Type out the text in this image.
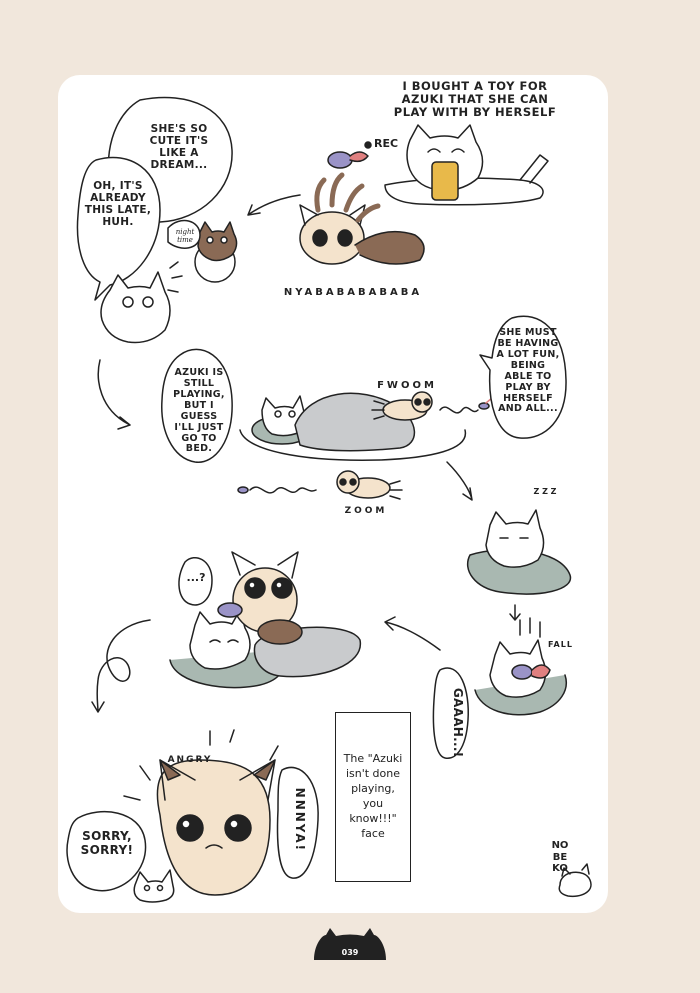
I BOUGHT A TOY FOR AZUKI THAT SHE CAN PLAY WITH BY HERSELF
REC
SHE'S SO CUTE IT'S LIKE A DREAM...
OH, IT'S ALREADY THIS LATE, HUH.
night time
NYABABABABABA
AZUKI IS STILL PLAYING, BUT I GUESS I'LL JUST GO TO BED.
SHE MUST BE HAVING A LOT FUN, BEING ABLE TO PLAY BY HERSELF AND ALL...
FWOOM
ZOOM
Z Z Z
...?
FALL
GAAAH...!
ANGRY
NNNYA!
SORRY, SORRY!
The "Azuki isn't done playing, you know!!!" face
NO BE KO
039
